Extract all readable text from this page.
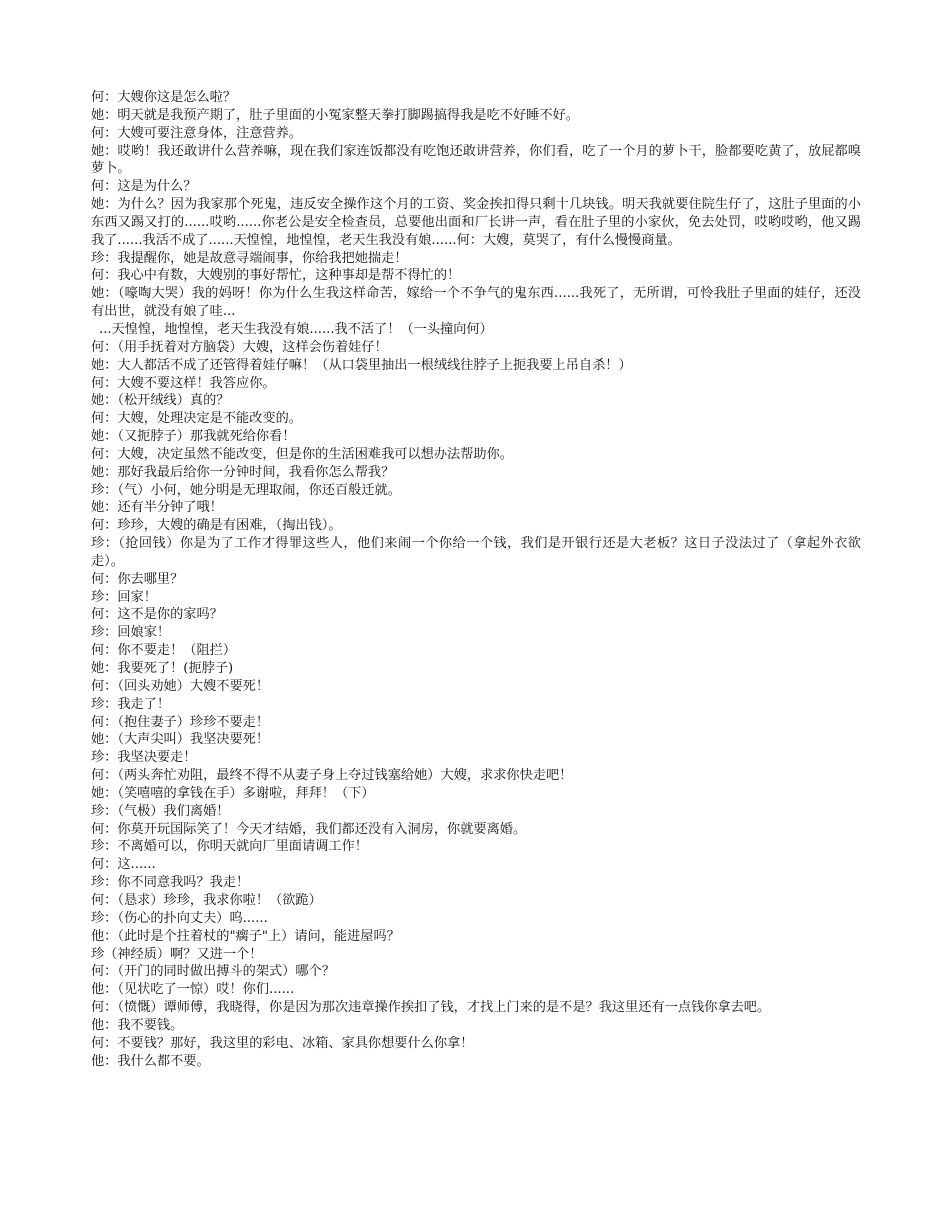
何：大嫂你这是怎么啦？

她：明天就是我预产期了，肚子里面的小冤家整天拳打脚踢搞得我是吃不好睡不好。

何：大嫂可要注意身体，注意营养。

她：哎哟！我还敢讲什么营养嘛，现在我们家连饭都没有吃饱还敢讲营养，你们看，吃了一个月的萝卜干，脸都要吃黄了，放屁都嗅萝卜。

何：这是为什么？

她：为什么？因为我家那个死鬼，违反安全操作这个月的工资、奖金挨扣得只剩十几块钱。明天我就要住院生仔了，这肚子里面的小东西又踢又打的......哎哟......你老公是安全检查员，总要他出面和厂长讲一声，看在肚子里的小家伙，免去处罚，哎哟哎哟，他又踢我了......我活不成了......天惶惶，地惶惶，老天生我没有娘......何：大嫂，莫哭了，有什么慢慢商量。

珍：我提醒你，她是故意寻端闹事，你给我把她揣走！

何：我心中有数，大嫂别的事好帮忙，这种事却是帮不得忙的！

她：（嚎啕大哭）我的妈呀！你为什么生我这样命苦，嫁给一个不争气的鬼东西......我死了，无所谓，可怜我肚子里面的娃仔，还没有出世，就没有娘了哇...

...天惶惶，地惶惶，老天生我没有娘......我不活了！（一头撞向何）

何：（用手抚着对方脑袋）大嫂，这样会伤着娃仔！

她：大人都活不成了还管得着娃仔嘛！（从口袋里抽出一根绒线往脖子上扼我要上吊自杀！）

何：大嫂不要这样！我答应你。

她：（松开绒线）真的？

何：大嫂，处理决定是不能改变的。

她：（又扼脖子）那我就死给你看！

何：大嫂，决定虽然不能改变，但是你的生活困难我可以想办法帮助你。

她：那好我最后给你一分钟时间，我看你怎么帮我？

珍：（气）小何，她分明是无理取闹，你还百般迁就。

她：还有半分钟了哦！

何：珍珍，大嫂的确是有困难，（掏出钱）。

珍：（抢回钱）你是为了工作才得罪这些人，他们来闹一个你给一个钱，我们是开银行还是大老板？这日子没法过了（拿起外衣欲走）。

何：你去哪里？

珍：回家！

何：这不是你的家吗？

珍：回娘家！

何：你不要走！（阻拦）

她：我要死了！(扼脖子)

何：（回头劝她）大嫂不要死！

珍：我走了！

何：（抱住妻子）珍珍不要走！

她：（大声尖叫）我坚决要死！

珍：我坚决要走！

何：（两头奔忙劝阻，最终不得不从妻子身上夺过钱塞给她）大嫂，求求你快走吧！

她：（笑嘻嘻的拿钱在手）多谢啦，拜拜！（下）

珍：（气极）我们离婚！

何：你莫开玩国际笑了！今天才结婚，我们都还没有入洞房，你就要离婚。

珍：不离婚可以，你明天就向厂里面请调工作！

何：这......

珍：你不同意我吗？我走！

何：（恳求）珍珍，我求你啦！（欲跪）

珍：（伤心的扑向丈夫）呜......

他：（此时是个拄着杖的"瘸子"上）请问，能进屋吗？

珍（神经质）啊？又进一个！

何：（开门的同时做出搏斗的架式）哪个？

他：（见状吃了一惊）哎！你们......

何：（愤慨）谭师傅，我晓得，你是因为那次违章操作挨扣了钱，才找上门来的是不是？我这里还有一点钱你拿去吧。

他：我不要钱。

何：不要钱？那好，我这里的彩电、冰箱、家具你想要什么你拿！

他：我什么都不要。
